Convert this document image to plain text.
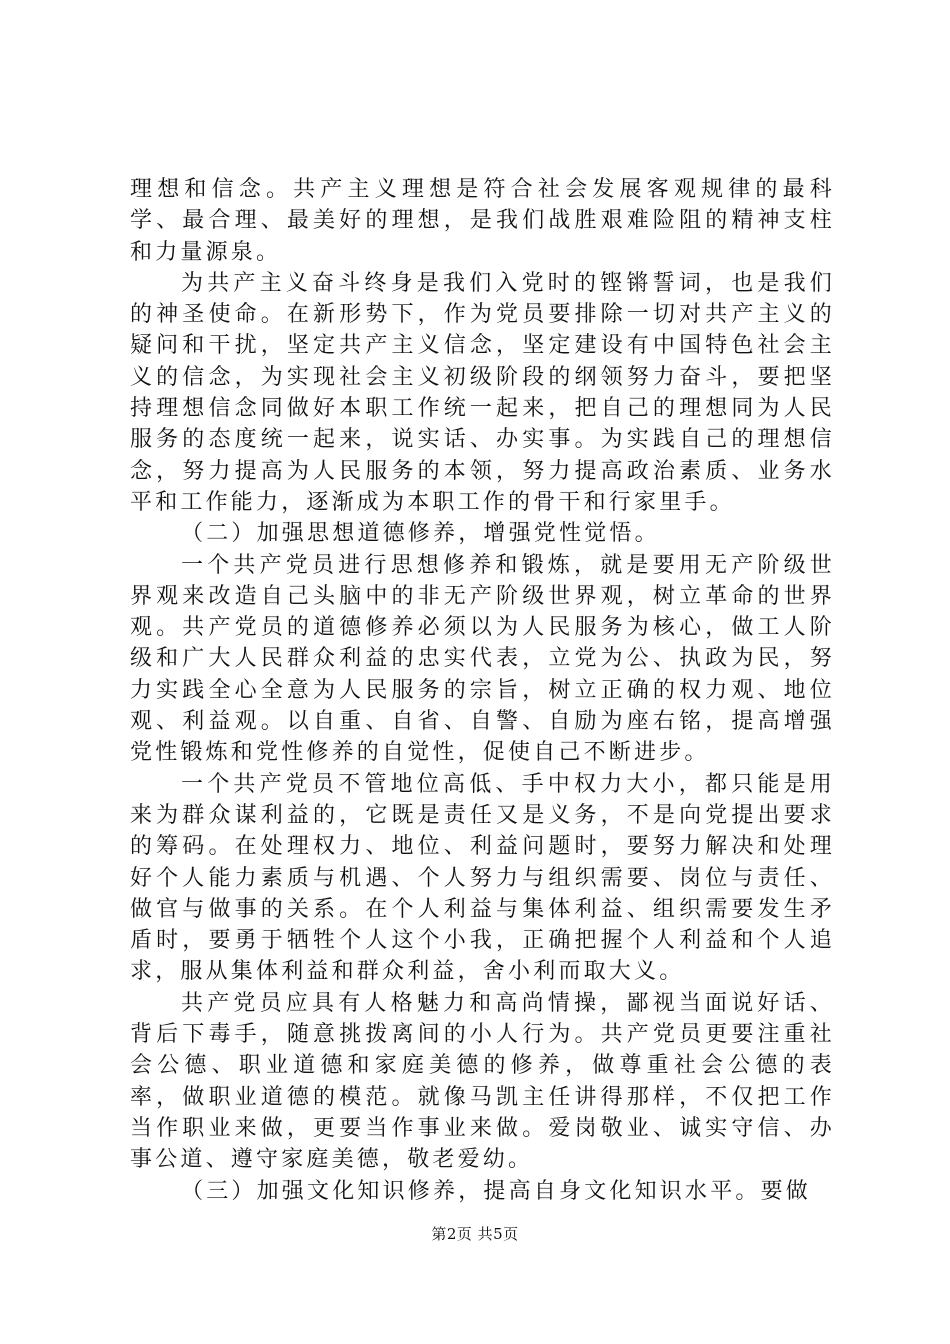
理想和信念。共产主义理想是符合社会发展客观规律的最科学、最合理、最美好的理想，是我们战胜艰难险阻的精神支柱和力量源泉。

为共产主义奋斗终身是我们入党时的铿锵誓词，也是我们的神圣使命。在新形势下，作为党员要排除一切对共产主义的疑问和干扰，坚定共产主义信念，坚定建设有中国特色社会主义的信念，为实现社会主义初级阶段的纲领努力奋斗，要把坚持理想信念同做好本职工作统一起来，把自己的理想同为人民服务的态度统一起来，说实话、办实事。为实践自己的理想信念，努力提高为人民服务的本领，努力提高政治素质、业务水平和工作能力，逐渐成为本职工作的骨干和行家里手。

（二）加强思想道德修养，增强党性觉悟。

一个共产党员进行思想修养和锻炼，就是要用无产阶级世界观来改造自己头脑中的非无产阶级世界观，树立革命的世界观。共产党员的道德修养必须以为人民服务为核心，做工人阶级和广大人民群众利益的忠实代表，立党为公、执政为民，努力实践全心全意为人民服务的宗旨，树立正确的权力观、地位观、利益观。以自重、自省、自警、自励为座右铭，提高增强党性锻炼和党性修养的自觉性，促使自己不断进步。

一个共产党员不管地位高低、手中权力大小，都只能是用来为群众谋利益的，它既是责任又是义务，不是向党提出要求的筹码。在处理权力、地位、利益问题时，要努力解决和处理好个人能力素质与机遇、个人努力与组织需要、岗位与责任、做官与做事的关系。在个人利益与集体利益、组织需要发生矛盾时，要勇于牺牲个人这个小我，正确把握个人利益和个人追求，服从集体利益和群众利益，舍小利而取大义。

共产党员应具有人格魅力和高尚情操，鄙视当面说好话、背后下毒手，随意挑拨离间的小人行为。共产党员更要注重社会公德、职业道德和家庭美德的修养，做尊重社会公德的表率，做职业道德的模范。就像马凯主任讲得那样，不仅把工作当作职业来做，更要当作事业来做。爱岗敬业、诚实守信、办事公道、遵守家庭美德，敬老爱幼。

（三）加强文化知识修养，提高自身文化知识水平。要做

第2页 共5页
